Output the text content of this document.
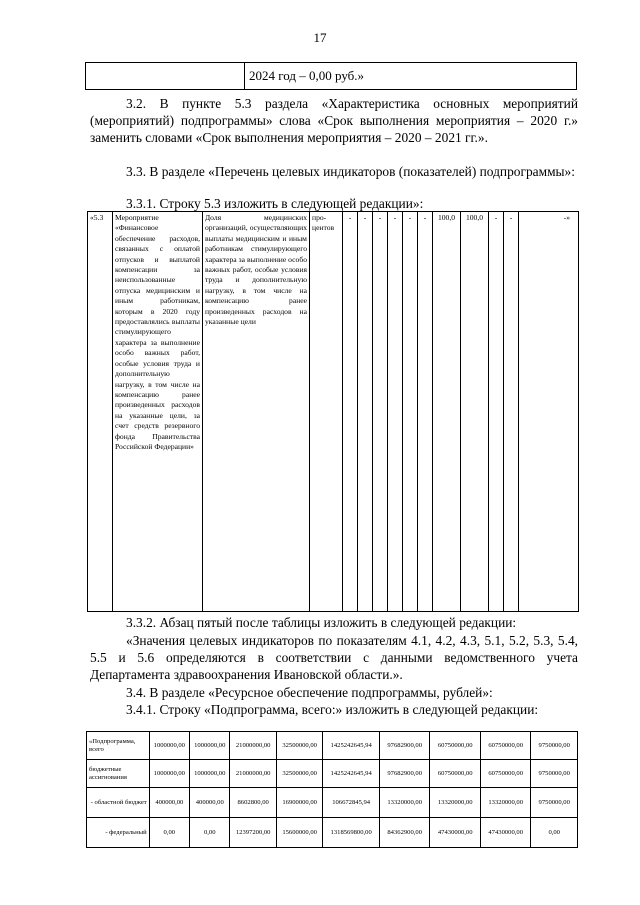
17
	2024 год – 0,00 руб.»
3.2. В пункте 5.3 раздела «Характеристика основных мероприятий (мероприятий) подпрограммы» слова «Срок выполнения мероприятия – 2020 г.» заменить словами «Срок выполнения мероприятия – 2020 – 2021 гг.».
3.3. В разделе «Перечень целевых индикаторов (показателей) подпрограммы»:
3.3.1. Строку 5.3 изложить в следующей редакции»:
«5.3	Мероприятие «Финансовое обеспечение расходов, связанных с оплатой отпусков и выплатой компенсации за неиспользованные отпуска медицинским и иным работникам, которым в 2020 году предоставлялись выплаты стимулирующего характера за выполнение особо важных работ, особые условия труда и дополнительную нагрузку, в том числе на компенсацию ранее произведенных расходов на указанные цели, за счет средств резервного фонда Правительства Российской Федерации»	Доля медицинских организаций, осуществляющих выплаты медицинским и иным работникам стимулирующего характера за выполнение особо важных работ, особые условия труда и дополнительную нагрузку, в том числе на компенсацию ранее произведенных расходов на указанные цели	про-центов	-	-	-	-	-	-	100,0	100,0	-	-	-»
3.3.2. Абзац пятый после таблицы изложить в следующей редакции:
«Значения целевых индикаторов по показателям 4.1, 4.2, 4.3, 5.1, 5.2, 5.3, 5.4, 5.5 и 5.6 определяются в соответствии с данными ведомственного учета Департамента здравоохранения Ивановской области.».
3.4. В разделе «Ресурсное обеспечение подпрограммы, рублей»:
3.4.1. Строку «Подпрограмма, всего:» изложить в следующей редакции:
«Подпрограмма, всего	1000000,00	1000000,00	21000000,00	32500000,00	1425242645,94	97682900,00	60750000,00	60750000,00	9750000,00
бюджетные ассигнования	1000000,00	1000000,00	21000000,00	32500000,00	1425242645,94	97682900,00	60750000,00	60750000,00	9750000,00
- областной бюджет	400000,00	400000,00	8602800,00	16900000,00	106672845,94	13320000,00	13320000,00	13320000,00	9750000,00
- федеральный	0,00	0,00	12397200,00	15600000,00	1318569800,00	84362900,00	47430000,00	47430000,00	0,00
